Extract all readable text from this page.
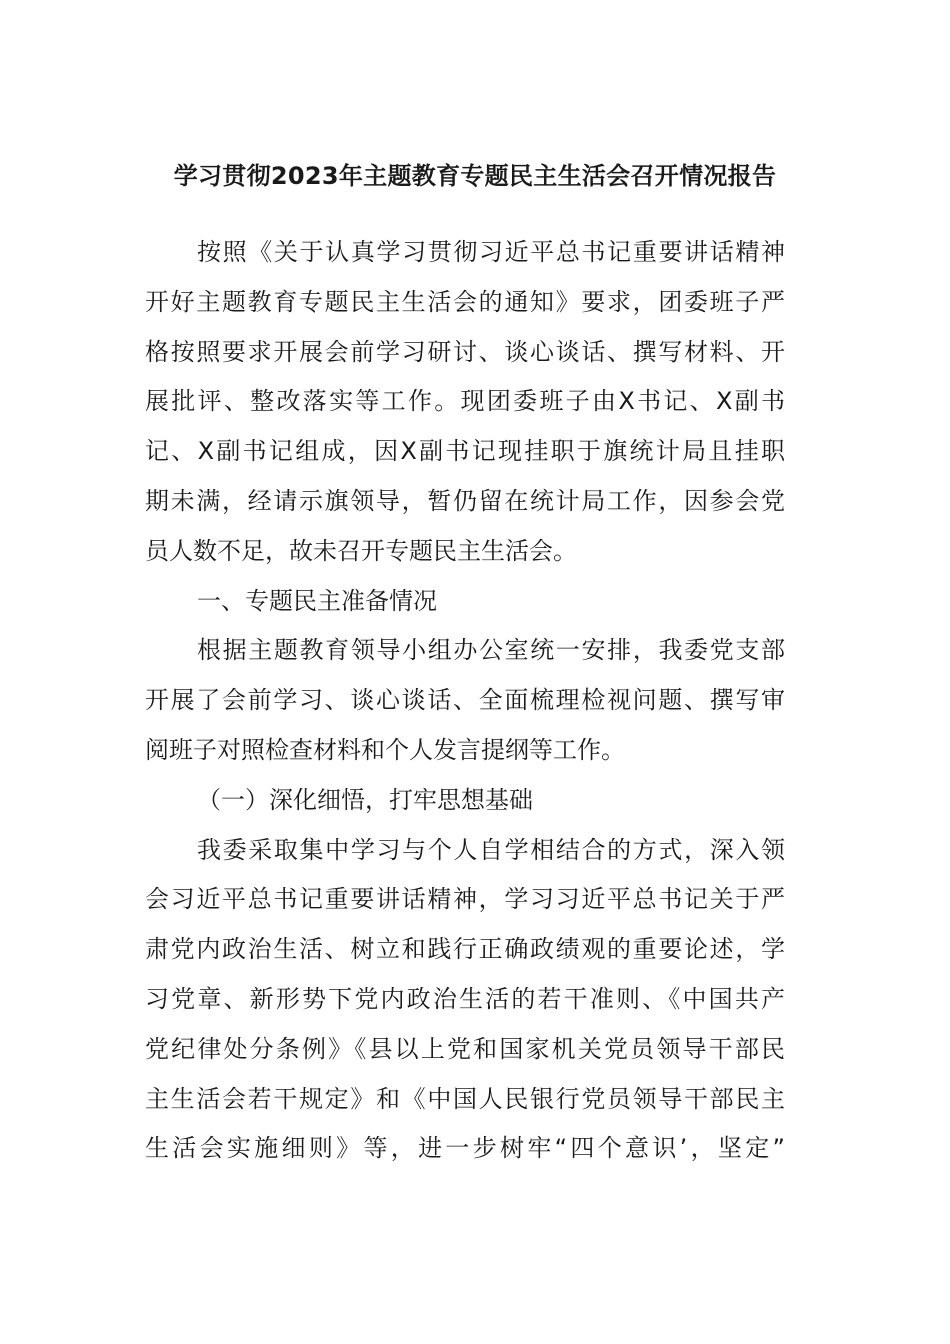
学习贯彻2023年主题教育专题民主生活会召开情况报告
按照《关于认真学习贯彻习近平总书记重要讲话精神
开好主题教育专题民主生活会的通知》要求，团委班子严
格按照要求开展会前学习研讨、谈心谈话、撰写材料、开
展批评、整改落实等工作。现团委班子由X书记、X副书
记、X副书记组成，因X副书记现挂职于旗统计局且挂职
期未满，经请示旗领导，暂仍留在统计局工作，因参会党
员人数不足，故未召开专题民主生活会。
一、专题民主准备情况
根据主题教育领导小组办公室统一安排，我委党支部
开展了会前学习、谈心谈话、全面梳理检视问题、撰写审
阅班子对照检查材料和个人发言提纲等工作。
（一）深化细悟，打牢思想基础
我委采取集中学习与个人自学相结合的方式，深入领
会习近平总书记重要讲话精神，学习习近平总书记关于严
肃党内政治生活、树立和践行正确政绩观的重要论述，学
习党章、新形势下党内政治生活的若干准则、《中国共产
党纪律处分条例》《县以上党和国家机关党员领导干部民
主生活会若干规定》和《中国人民银行党员领导干部民主
生活会实施细则》等，进一步树牢“四个意识’，坚定”
